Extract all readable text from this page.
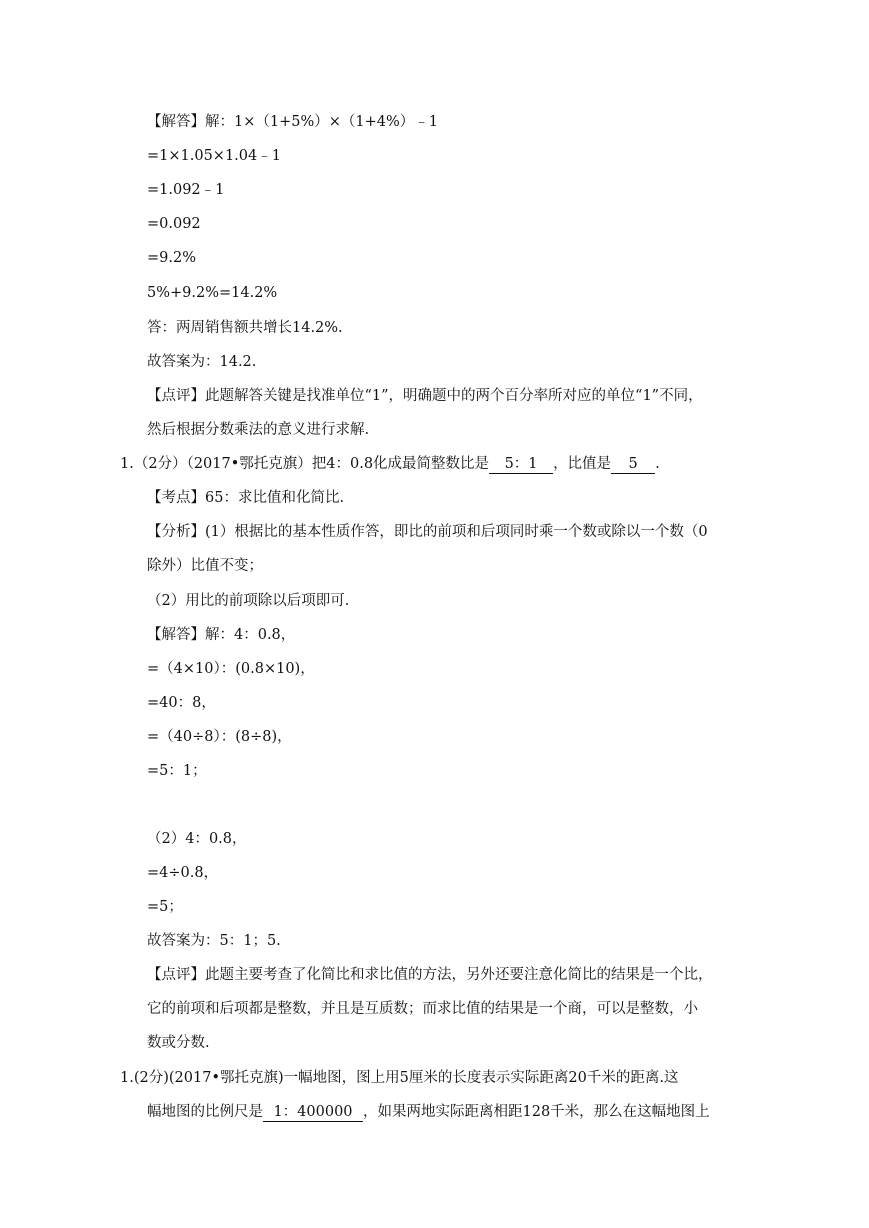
【解答】解：1×（1+5%）×（1+4%）﹣1
=1×1.05×1.04﹣1
=1.092﹣1
=0.092
=9.2%
5%+9.2%=14.2%
答：两周销售额共增长14.2%.
故答案为：14.2.
【点评】此题解答关键是找准单位“1”，明确题中的两个百分率所对应的单位“1”不同，
然后根据分数乘法的意义进行求解.
1.（2分）（2017•鄂托克旗）把4：0.8化成最简整数比是 5：1 ，比值是 5 .
【考点】65：求比值和化简比.
【分析】(1）根据比的基本性质作答，即比的前项和后项同时乘一个数或除以一个数（0
除外）比值不变；
（2）用比的前项除以后项即可.
【解答】解：4：0.8，
=（4×10）：(0.8×10)，
=40：8，
=（40÷8）：(8÷8)，
=5：1；
（2）4：0.8，
=4÷0.8，
=5；
故答案为：5：1；5.
【点评】此题主要考查了化简比和求比值的方法，另外还要注意化简比的结果是一个比，
它的前项和后项都是整数，并且是互质数；而求比值的结果是一个商，可以是整数，小
数或分数.
1.(2分)(2017•鄂托克旗)一幅地图，图上用5厘米的长度表示实际距离20千米的距离.这
幅地图的比例尺是 1：400000 ，如果两地实际距离相距128千米，那么在这幅地图上
